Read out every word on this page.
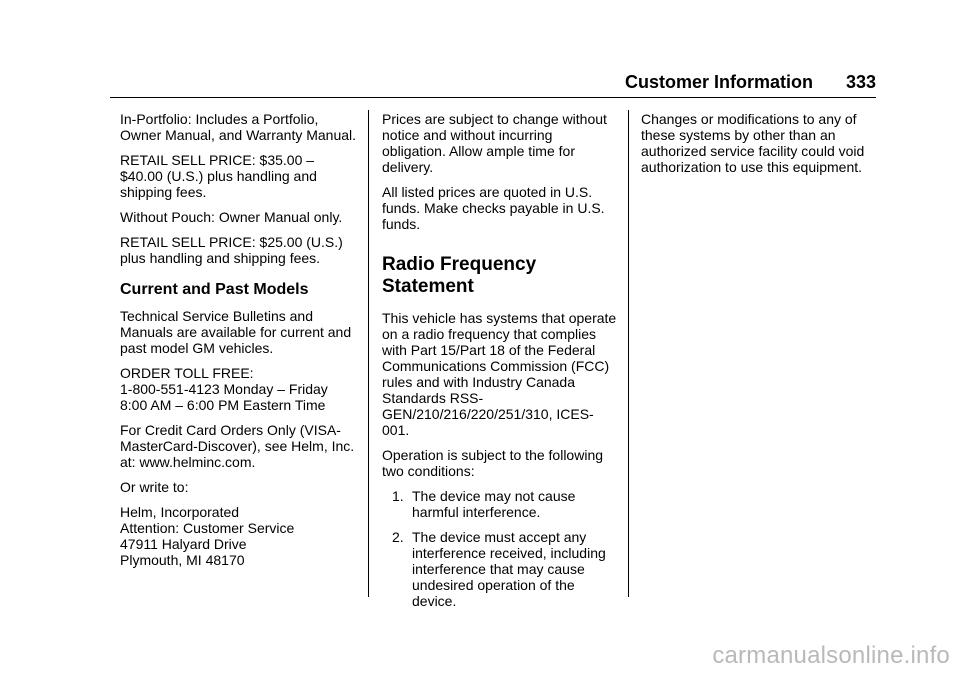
Customer Information 333

In-Portfolio: Includes a Portfolio, Owner Manual, and Warranty Manual.

RETAIL SELL PRICE: $35.00 – $40.00 (U.S.) plus handling and shipping fees.

Without Pouch: Owner Manual only.

RETAIL SELL PRICE: $25.00 (U.S.) plus handling and shipping fees.

Current and Past Models

Technical Service Bulletins and Manuals are available for current and past model GM vehicles.

ORDER TOLL FREE:
1-800-551-4123 Monday – Friday
8:00 AM – 6:00 PM Eastern Time

For Credit Card Orders Only (VISA-MasterCard-Discover), see Helm, Inc. at: www.helminc.com.

Or write to:

Helm, Incorporated
Attention: Customer Service
47911 Halyard Drive
Plymouth, MI 48170

Prices are subject to change without notice and without incurring obligation. Allow ample time for delivery.

All listed prices are quoted in U.S. funds. Make checks payable in U.S. funds.

Radio Frequency
Statement

This vehicle has systems that operate on a radio frequency that complies with Part 15/Part 18 of the Federal Communications Commission (FCC) rules and with Industry Canada Standards RSS-GEN/210/216/220/251/310, ICES-001.

Operation is subject to the following two conditions:

1. The device may not cause harmful interference.
2. The device must accept any interference received, including interference that may cause undesired operation of the device.

Changes or modifications to any of these systems by other than an authorized service facility could void authorization to use this equipment.

carmanualsonline.info
